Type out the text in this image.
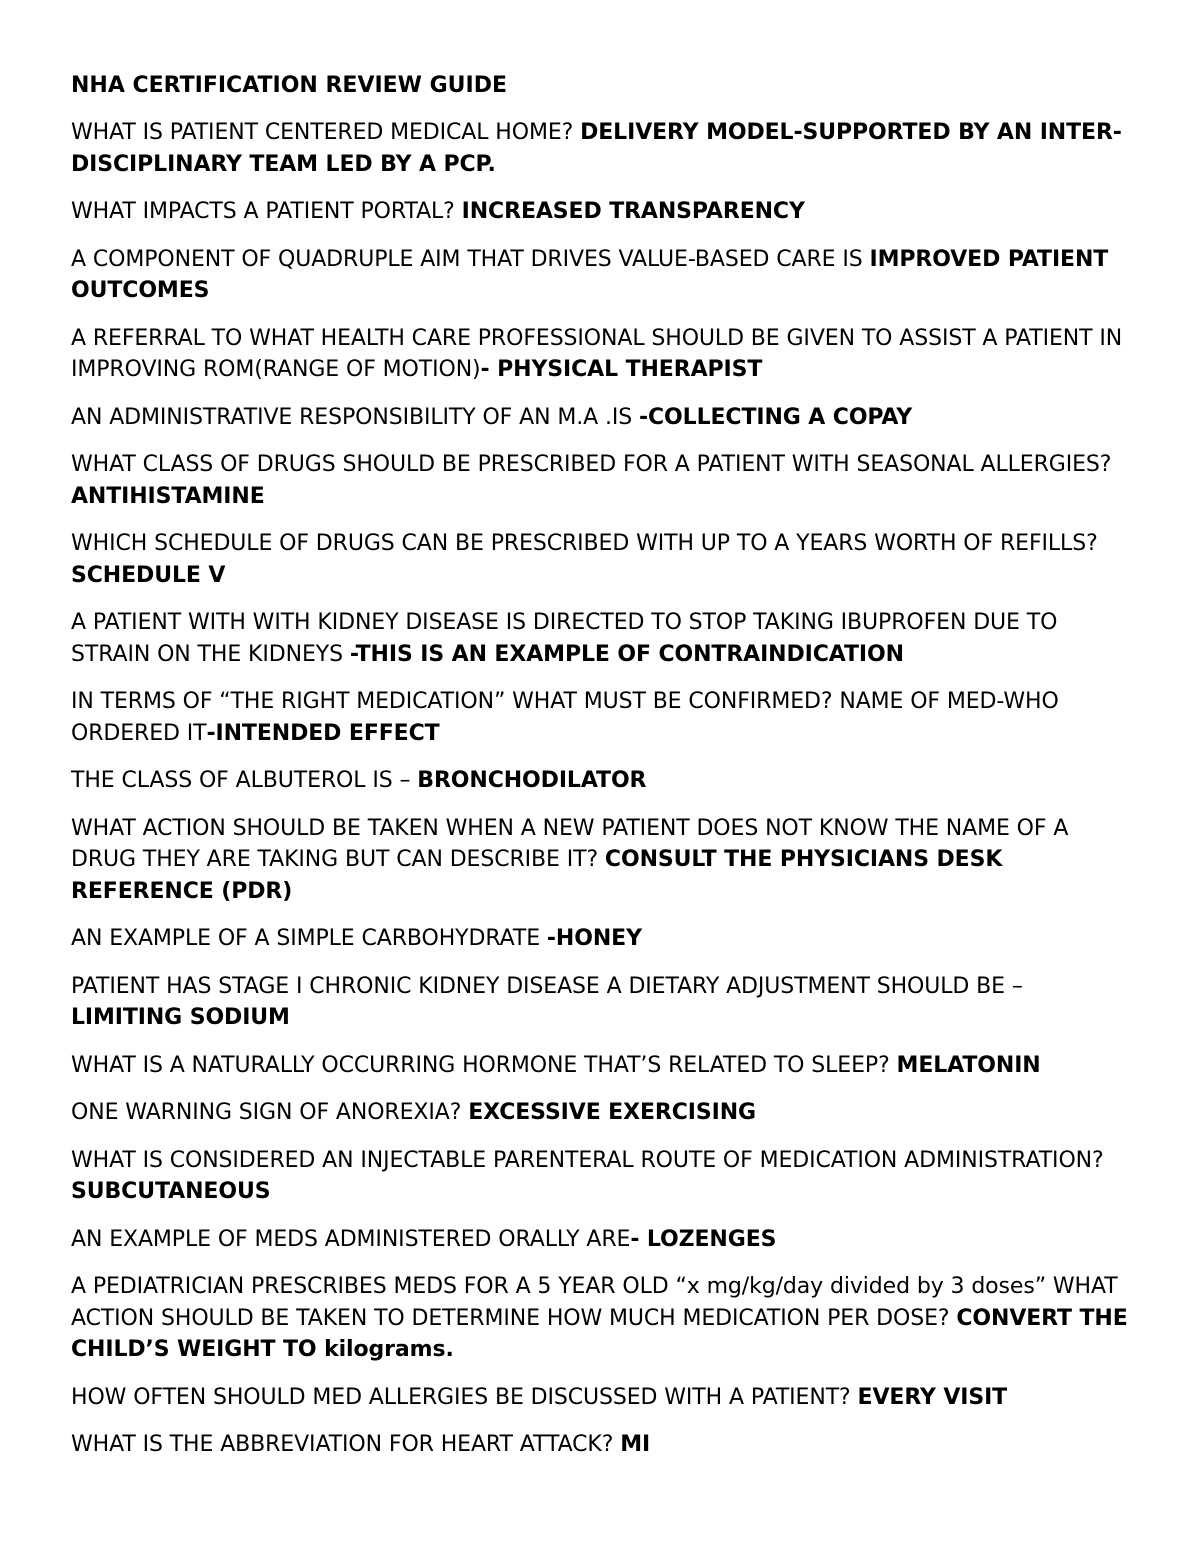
NHA CERTIFICATION REVIEW GUIDE

WHAT IS PATIENT CENTERED MEDICAL HOME? DELIVERY MODEL-SUPPORTED BY AN INTER-DISCIPLINARY TEAM LED BY A PCP.

WHAT IMPACTS A PATIENT PORTAL? INCREASED TRANSPARENCY

A COMPONENT OF QUADRUPLE AIM THAT DRIVES VALUE-BASED CARE IS IMPROVED PATIENT OUTCOMES

A REFERRAL TO WHAT HEALTH CARE PROFESSIONAL SHOULD BE GIVEN TO ASSIST A PATIENT IN IMPROVING ROM(RANGE OF MOTION)- PHYSICAL THERAPIST

AN ADMINISTRATIVE RESPONSIBILITY OF AN M.A .IS -COLLECTING A COPAY

WHAT CLASS OF DRUGS SHOULD BE PRESCRIBED FOR A PATIENT WITH SEASONAL ALLERGIES? ANTIHISTAMINE

WHICH SCHEDULE OF DRUGS CAN BE PRESCRIBED WITH UP TO A YEARS WORTH OF REFILLS? SCHEDULE V

A PATIENT WITH WITH KIDNEY DISEASE IS DIRECTED TO STOP TAKING IBUPROFEN DUE TO STRAIN ON THE KIDNEYS -THIS IS AN EXAMPLE OF CONTRAINDICATION

IN TERMS OF “THE RIGHT MEDICATION” WHAT MUST BE CONFIRMED? NAME OF MED-WHO ORDERED IT-INTENDED EFFECT

THE CLASS OF ALBUTEROL IS – BRONCHODILATOR

WHAT ACTION SHOULD BE TAKEN WHEN A NEW PATIENT DOES NOT KNOW THE NAME OF A DRUG THEY ARE TAKING BUT CAN DESCRIBE IT? CONSULT THE PHYSICIANS DESK REFERENCE (PDR)

AN EXAMPLE OF A SIMPLE CARBOHYDRATE -HONEY

PATIENT HAS STAGE I CHRONIC KIDNEY DISEASE A DIETARY ADJUSTMENT SHOULD BE – LIMITING SODIUM

WHAT IS A NATURALLY OCCURRING HORMONE THAT’S RELATED TO SLEEP? MELATONIN

ONE WARNING SIGN OF ANOREXIA? EXCESSIVE EXERCISING

WHAT IS CONSIDERED AN INJECTABLE PARENTERAL ROUTE OF MEDICATION ADMINISTRATION? SUBCUTANEOUS

AN EXAMPLE OF MEDS ADMINISTERED ORALLY ARE- LOZENGES

A PEDIATRICIAN PRESCRIBES MEDS FOR A 5 YEAR OLD “x mg/kg/day divided by 3 doses” WHAT ACTION SHOULD BE TAKEN TO DETERMINE HOW MUCH MEDICATION PER DOSE? CONVERT THE CHILD’S WEIGHT TO kilograms.

HOW OFTEN SHOULD MED ALLERGIES BE DISCUSSED WITH A PATIENT? EVERY VISIT

WHAT IS THE ABBREVIATION FOR HEART ATTACK? MI
